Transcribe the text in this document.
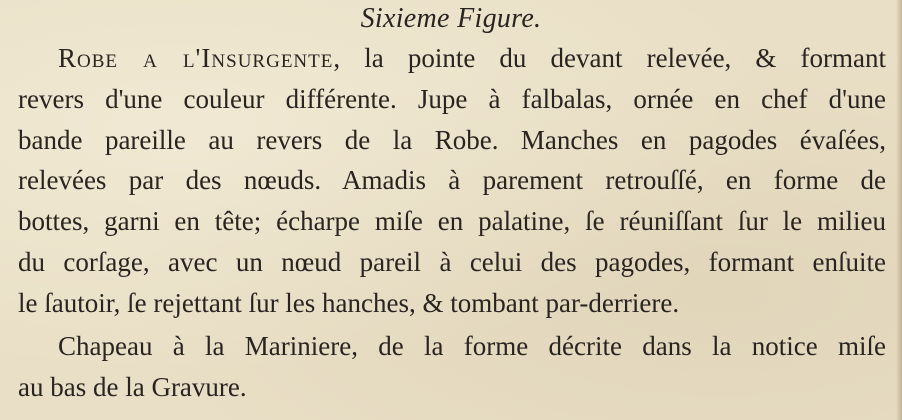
Sixieme Figure.
Robe a l'Insurgente, la pointe du devant relevée, & formant
revers d'une couleur différente. Jupe à falbalas, ornée en chef d'une
bande pareille au revers de la Robe. Manches en pagodes évaſées,
relevées par des nœuds. Amadis à parement retrouſſé, en forme de
bottes, garni en tête; écharpe miſe en palatine, ſe réuniſſant ſur le milieu
du corſage, avec un nœud pareil à celui des pagodes, formant enſuite
le ſautoir, ſe rejettant ſur les hanches, & tombant par-derriere.
Chapeau à la Mariniere, de la forme décrite dans la notice miſe
au bas de la Gravure.
